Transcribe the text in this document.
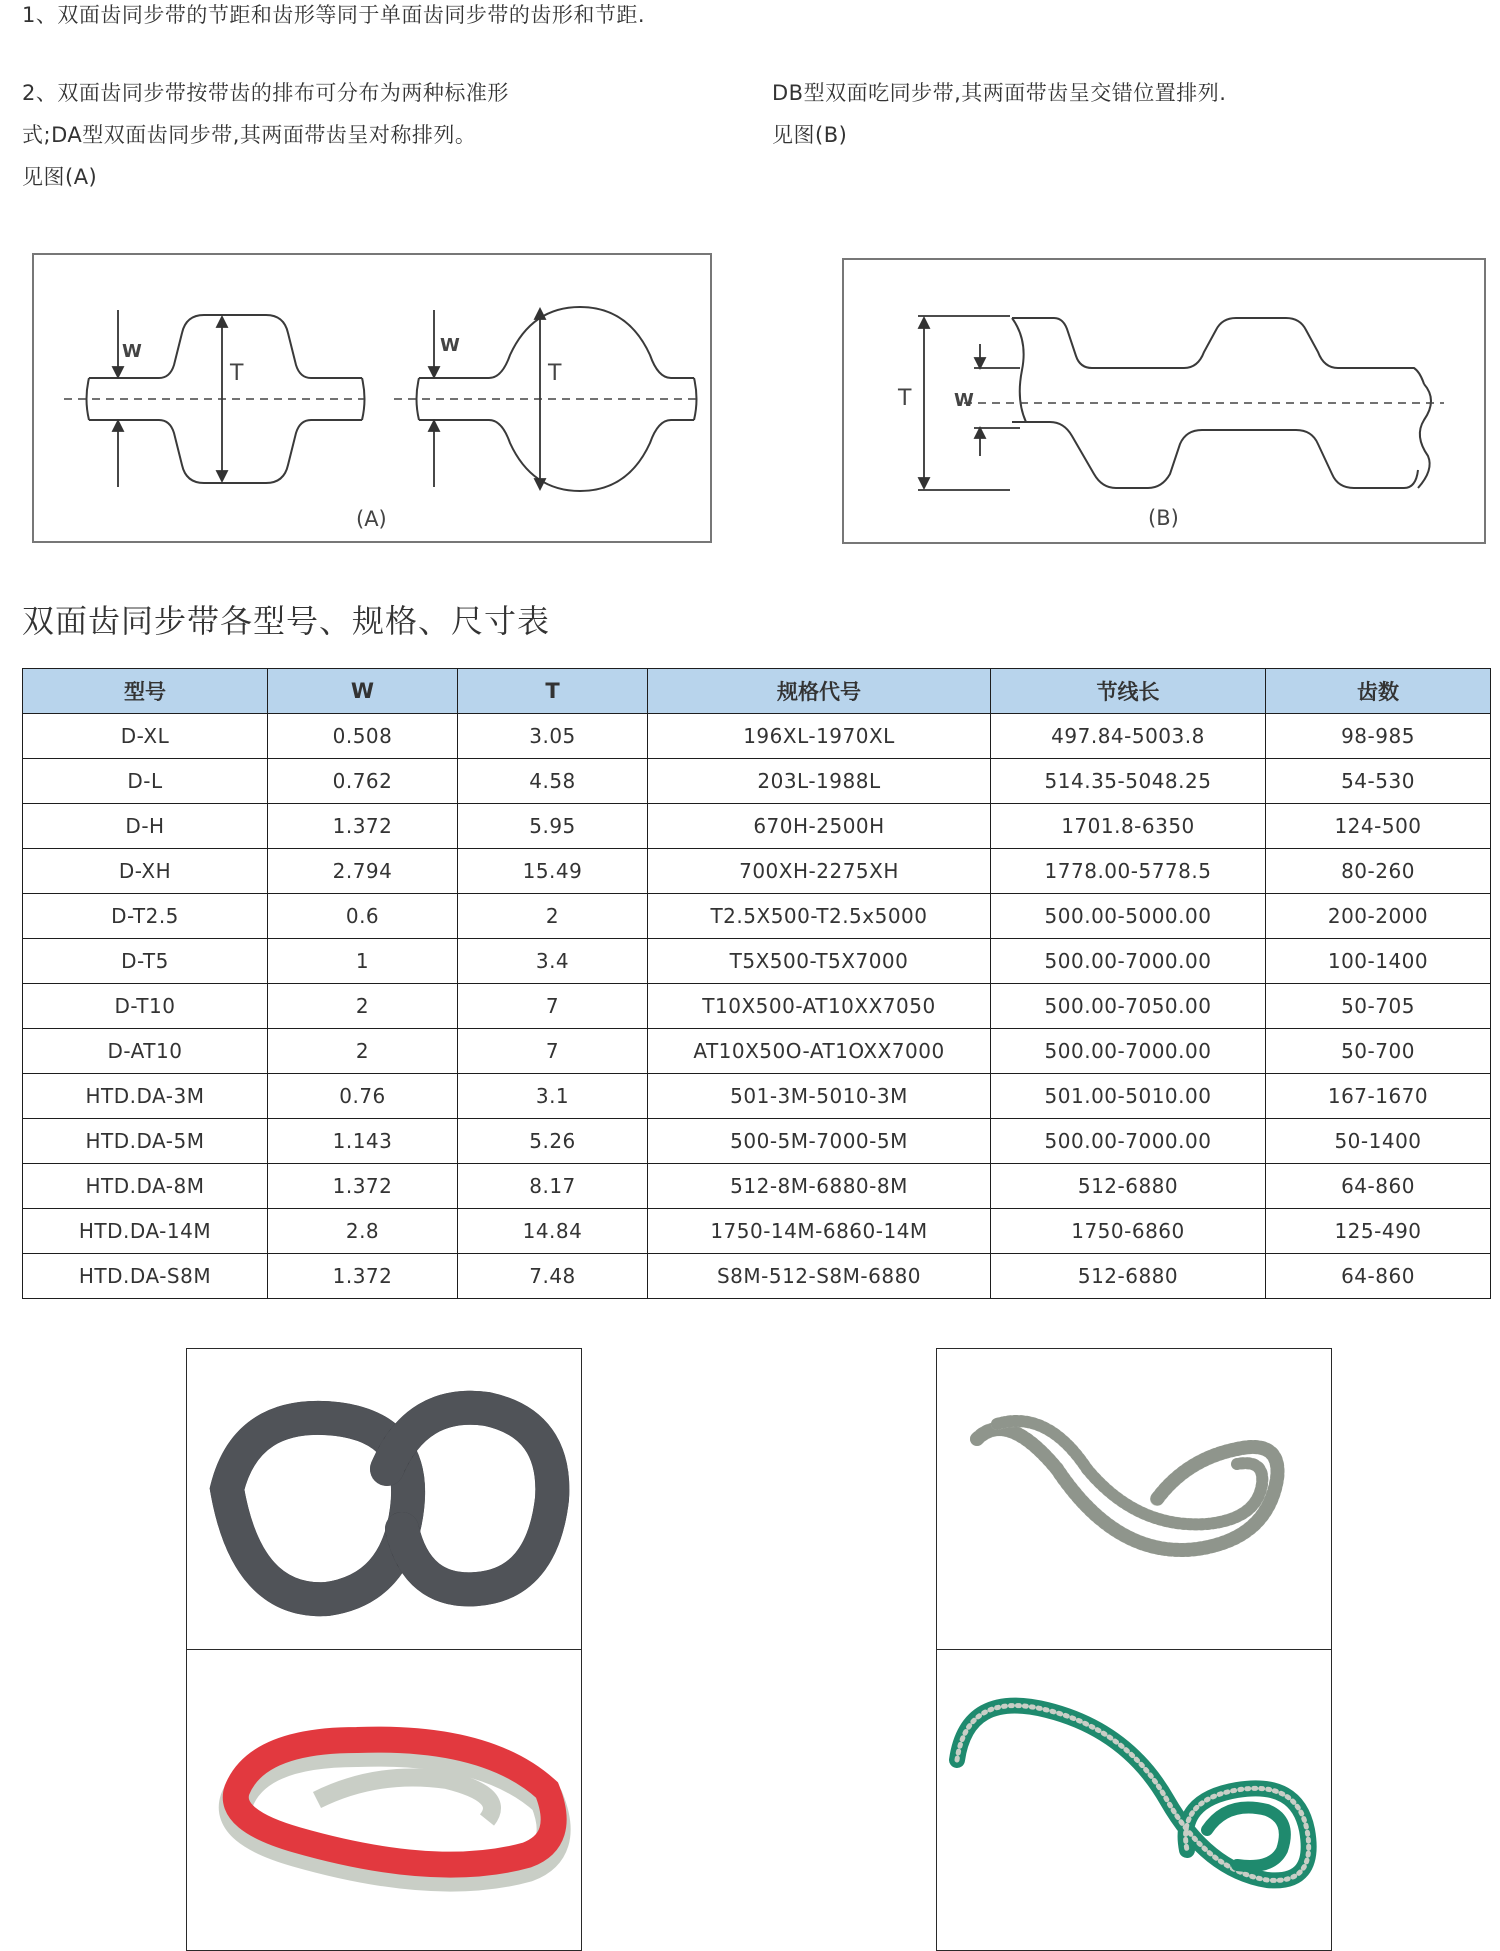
1、双面齿同步带的节距和齿形等同于单面齿同步带的齿形和节距.
2、双面齿同步带按带齿的排布可分布为两种标准形
式;DA型双面齿同步带,其两面带齿呈对称排列。
见图(A)
DB型双面吃同步带,其两面带齿呈交错位置排列.
见图(B)
W
T
W
T
(A)
T W
(B)
双面齿同步带各型号、规格、尺寸表
型号	W	T	规格代号	节线长	齿数
D-XL	0.508	3.05	196XL-1970XL	497.84-5003.8	98-985
D-L	0.762	4.58	203L-1988L	514.35-5048.25	54-530
D-H	1.372	5.95	670H-2500H	1701.8-6350	124-500
D-XH	2.794	15.49	700XH-2275XH	1778.00-5778.5	80-260
D-T2.5	0.6	2	T2.5X500-T2.5x5000	500.00-5000.00	200-2000
D-T5	1	3.4	T5X500-T5X7000	500.00-7000.00	100-1400
D-T10	2	7	T10X500-AT10XX7050	500.00-7050.00	50-705
D-AT10	2	7	AT10X50O-AT1OXX7000	500.00-7000.00	50-700
HTD.DA-3M	0.76	3.1	501-3M-5010-3M	501.00-5010.00	167-1670
HTD.DA-5M	1.143	5.26	500-5M-7000-5M	500.00-7000.00	50-1400
HTD.DA-8M	1.372	8.17	512-8M-6880-8M	512-6880	64-860
HTD.DA-14M	2.8	14.84	1750-14M-6860-14M	1750-6860	125-490
HTD.DA-S8M	1.372	7.48	S8M-512-S8M-6880	512-6880	64-860
